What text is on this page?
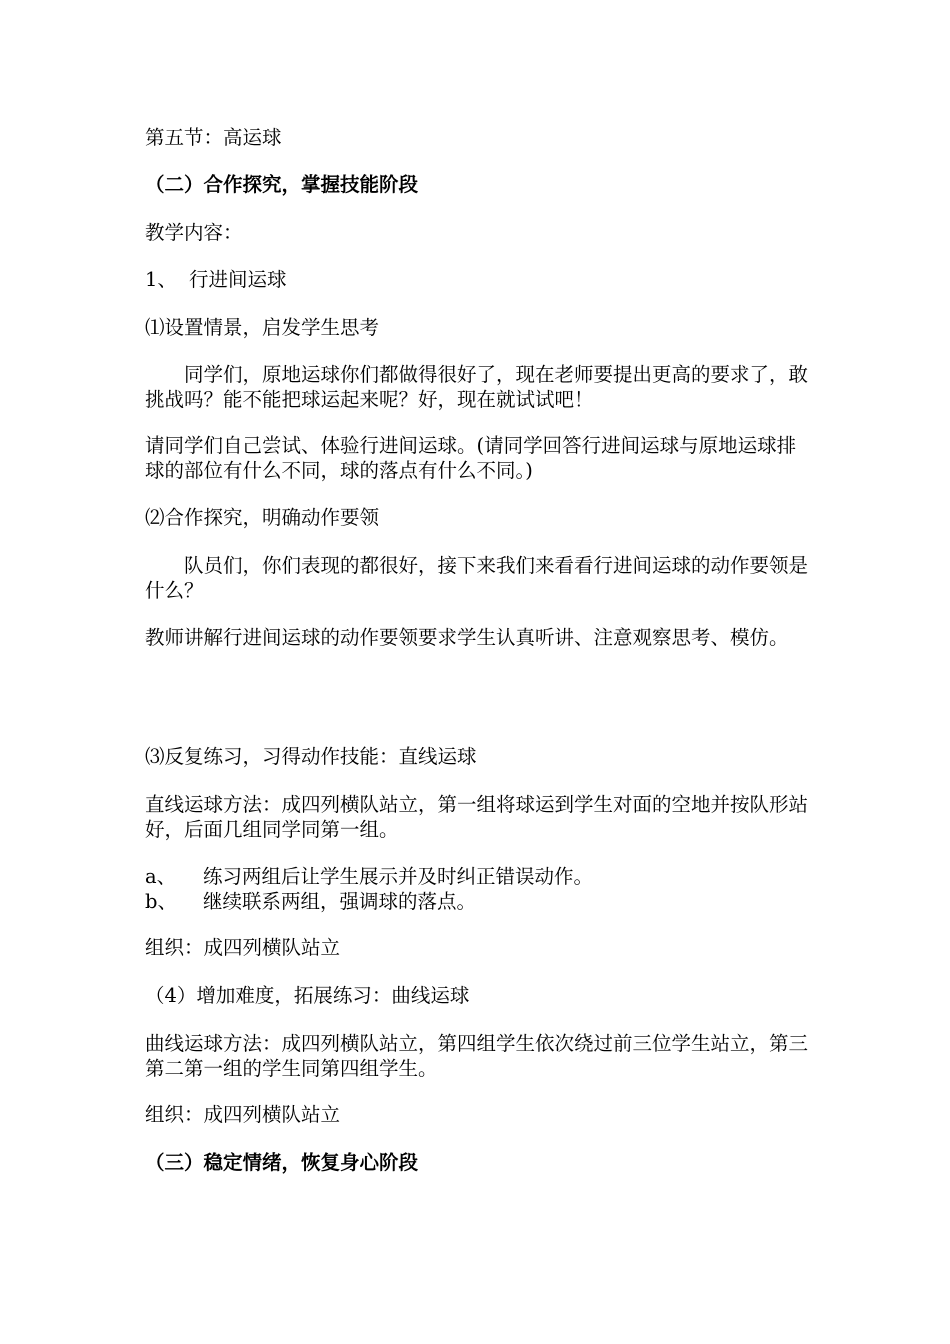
第五节：高运球
（二）合作探究，掌握技能阶段
教学内容：
1、 行进间运球
⑴设置情景，启发学生思考
同学们，原地运球你们都做得很好了，现在老师要提出更高的要求了，敢挑战吗？能不能把球运起来呢？好，现在就试试吧！
请同学们自己尝试、体验行进间运球。(请同学回答行进间运球与原地运球排球的部位有什么不同，球的落点有什么不同。)
⑵合作探究，明确动作要领
队员们，你们表现的都很好，接下来我们来看看行进间运球的动作要领是什么？
教师讲解行进间运球的动作要领要求学生认真听讲、注意观察思考、模仿。
⑶反复练习，习得动作技能：直线运球
直线运球方法：成四列横队站立，第一组将球运到学生对面的空地并按队形站好，后面几组同学同第一组。
a、 练习两组后让学生展示并及时纠正错误动作。
b、 继续联系两组，强调球的落点。
组织：成四列横队站立
（4）增加难度，拓展练习：曲线运球
曲线运球方法：成四列横队站立，第四组学生依次绕过前三位学生站立，第三第二第一组的学生同第四组学生。
组织：成四列横队站立
（三）稳定情绪，恢复身心阶段
